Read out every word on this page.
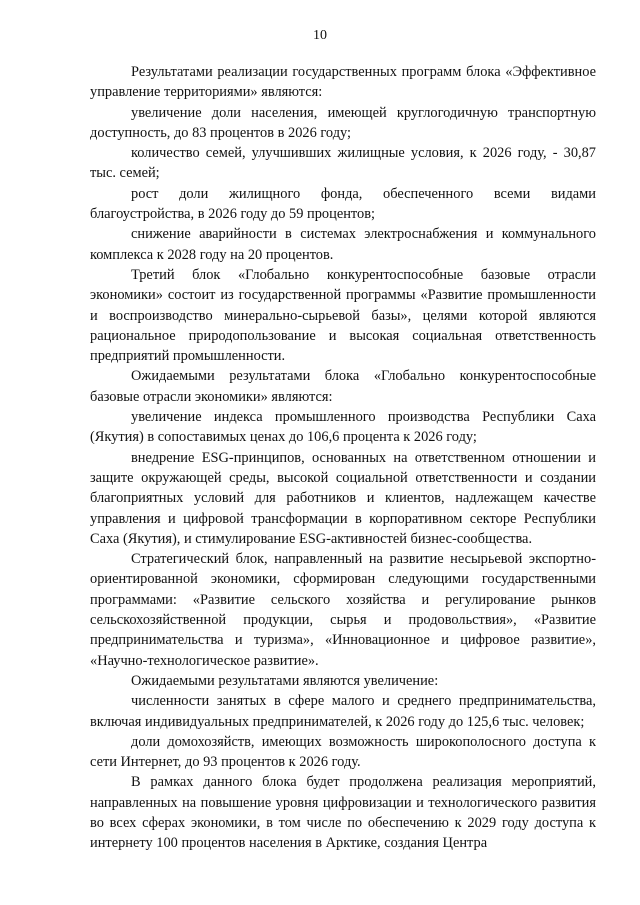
10

Результатами реализации государственных программ блока «Эффективное управление территориями» являются:

увеличение доли населения, имеющей круглогодичную транспортную доступность, до 83 процентов в 2026 году;

количество семей, улучшивших жилищные условия, к 2026 году, - 30,87 тыс. семей;

рост доли жилищного фонда, обеспеченного всеми видами благоустройства, в 2026 году до 59 процентов;

снижение аварийности в системах электроснабжения и коммунального комплекса к 2028 году на 20 процентов.

Третий блок «Глобально конкурентоспособные базовые отрасли экономики» состоит из государственной программы «Развитие промышленности и воспроизводство минерально-сырьевой базы», целями которой являются рациональное природопользование и высокая социальная ответственность предприятий промышленности.

Ожидаемыми результатами блока «Глобально конкурентоспособные базовые отрасли экономики» являются:

увеличение индекса промышленного производства Республики Саха (Якутия) в сопоставимых ценах до 106,6 процента к 2026 году;

внедрение ESG-принципов, основанных на ответственном отношении и защите окружающей среды, высокой социальной ответственности и создании благоприятных условий для работников и клиентов, надлежащем качестве управления и цифровой трансформации в корпоративном секторе Республики Саха (Якутия), и стимулирование ESG-активностей бизнес-сообщества.

Стратегический блок, направленный на развитие несырьевой экспортно-ориентированной экономики, сформирован следующими государственными программами: «Развитие сельского хозяйства и регулирование рынков сельскохозяйственной продукции, сырья и продовольствия», «Развитие предпринимательства и туризма», «Инновационное и цифровое развитие», «Научно-технологическое развитие».

Ожидаемыми результатами являются увеличение:

численности занятых в сфере малого и среднего предпринимательства, включая индивидуальных предпринимателей, к 2026 году до 125,6 тыс. человек;

доли домохозяйств, имеющих возможность широкополосного доступа к сети Интернет, до 93 процентов к 2026 году.

В рамках данного блока будет продолжена реализация мероприятий, направленных на повышение уровня цифровизации и технологического развития во всех сферах экономики, в том числе по обеспечению к 2029 году доступа к интернету 100 процентов населения в Арктике, создания Центра
